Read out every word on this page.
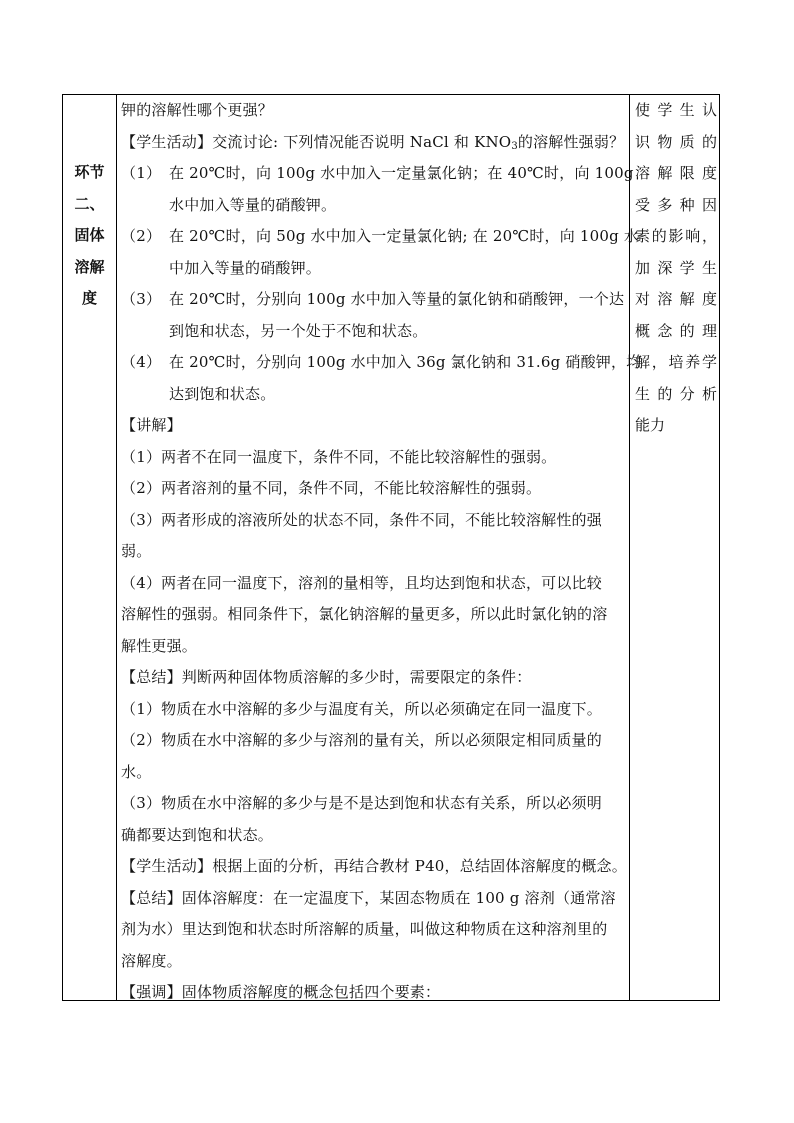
环节
二、
固体
溶解
度
钾的溶解性哪个更强？
【学生活动】交流讨论: 下列情况能否说明 NaCl 和 $KNO_3$的溶解性强弱？
（1） 在 20℃时，向 100g 水中加入一定量氯化钠；在 40℃时，向 100g
水中加入等量的硝酸钾。
（2） 在 20℃时，向 50g 水中加入一定量氯化钠; 在 20℃时，向 100g 水
中加入等量的硝酸钾。
（3） 在 20℃时，分别向 100g 水中加入等量的氯化钠和硝酸钾，一个达
到饱和状态，另一个处于不饱和状态。
（4） 在 20℃时，分别向 100g 水中加入 36g 氯化钠和 31.6g 硝酸钾，均
达到饱和状态。
【讲解】
（1）两者不在同一温度下，条件不同，不能比较溶解性的强弱。
（2）两者溶剂的量不同，条件不同，不能比较溶解性的强弱。
（3）两者形成的溶液所处的状态不同，条件不同，不能比较溶解性的强
弱。
（4）两者在同一温度下，溶剂的量相等，且均达到饱和状态，可以比较
溶解性的强弱。相同条件下，氯化钠溶解的量更多，所以此时氯化钠的溶
解性更强。
【总结】判断两种固体物质溶解的多少时，需要限定的条件：
（1）物质在水中溶解的多少与温度有关，所以必须确定在同一温度下。
（2）物质在水中溶解的多少与溶剂的量有关，所以必须限定相同质量的
水。
（3）物质在水中溶解的多少与是不是达到饱和状态有关系，所以必须明
确都要达到饱和状态。
【学生活动】根据上面的分析，再结合教材 P40，总结固体溶解度的概念。
【总结】固体溶解度：在一定温度下，某固态物质在 100 g 溶剂（通常溶
剂为水）里达到饱和状态时所溶解的质量，叫做这种物质在这种溶剂里的
溶解度。
【强调】固体物质溶解度的概念包括四个要素：
使学生认
识物质的
溶解限度
受多种因
素的影响，
加深学生
对溶解度
概念的理
解，培养学
生的分析
能力
